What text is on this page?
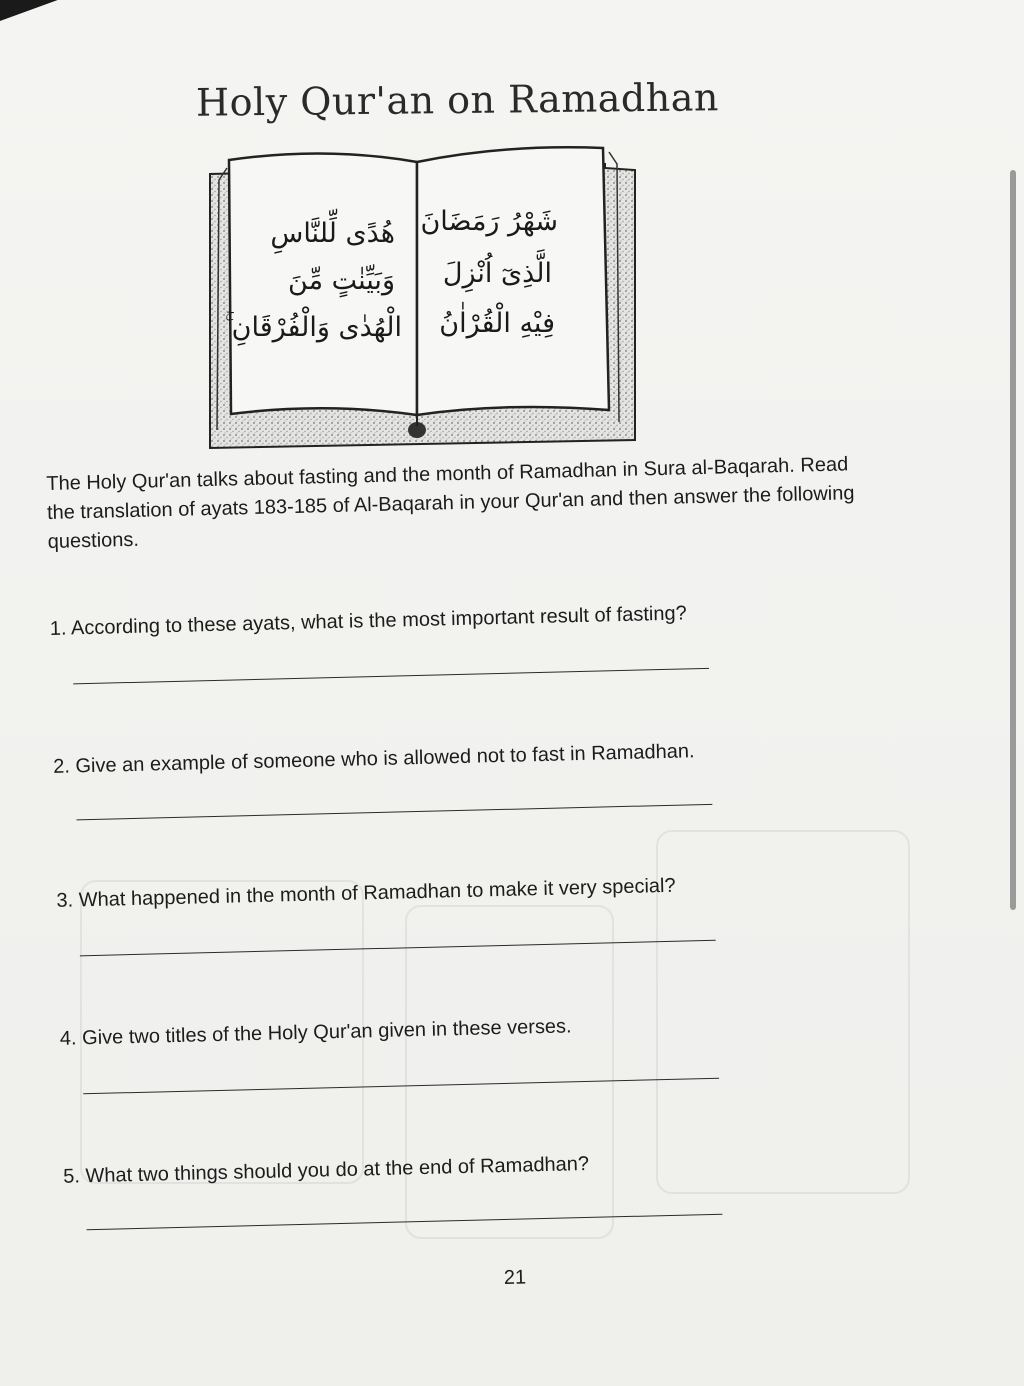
Holy Qur'an on Ramadhan
هُدًى لِّلنَّاسِ
وَبَيِّنٰتٍ مِّنَ
الْهُدٰى وَالْفُرْقَانِ ۚ
شَهْرُ رَمَضَانَ
الَّذِىٓ اُنْزِلَ
فِيْهِ الْقُرْاٰنُ

The Holy Qur'an talks about fasting and the month of Ramadhan in Sura al-Baqarah. Read the translation of ayats 183-185 of Al-Baqarah in your Qur'an and then answer the following questions.

1. According to these ayats, what is the most important result of fasting?
2. Give an example of someone who is allowed not to fast in Ramadhan.
3. What happened in the month of Ramadhan to make it very special?
4. Give two titles of the Holy Qur'an given in these verses.
5. What two things should you do at the end of Ramadhan?
21
